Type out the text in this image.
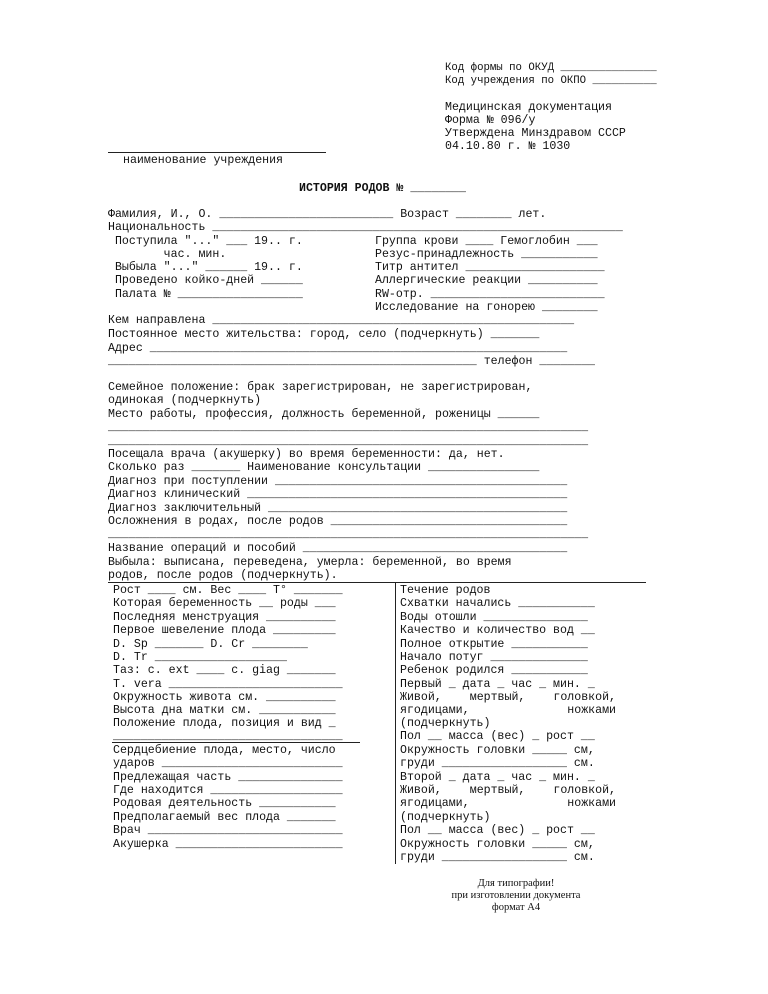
Код формы по ОКУД _______________
Код учреждения по ОКПО __________
Медицинская документация
Форма № 096/у
Утверждена Минздравом СССР
04.10.80 г. № 1030
наименование учреждения
ИСТОРИЯ РОДОВ № ________
Фамилия, И., О. _________________________ Возраст ________ лет.
Национальность ___________________________________________________________
Поступила "..." ___ 19.. г.
час. мин.
Выбыла "..." ______ 19.. г.
Проведено койко-дней ______
Палата № __________________
Группа крови ____ Гемоглобин ___
Резус-принадлежность ___________
Титр антител ____________________
Аллергические реакции __________
RW-отр. _________________________
Исследование на гонорею ________
Кем направлена ____________________________________________________
Постоянное место жительства: город, село (подчеркнуть) _______
Адрес ____________________________________________________________
_____________________________________________________ телефон ________
Семейное положение: брак зарегистрирован, не зарегистрирован,
одинокая (подчеркнуть)
Место работы, профессия, должность беременной, роженицы ______
_____________________________________________________________________
_____________________________________________________________________
Посещала врача (акушерку) во время беременности: да, нет.
Сколько раз _______ Наименование консультации ________________
Диагноз при поступлении __________________________________________
Диагноз клинический ______________________________________________
Диагноз заключительный ___________________________________________
Осложнения в родах, после родов __________________________________
_____________________________________________________________________
Название операций и пособий ______________________________________
Выбыла: выписана, переведена, умерла: беременной, во время
родов, после родов (подчеркнуть).
Рост ____ см. Вес ____ T° _______
Которая беременность __ роды ___
Последняя менструация __________
Первое шевеление плода _________
D. Sp _______ D. Cr ________
D. Tr ___________________
Таз: c. ext ____ c. giag _______
T. vera _________________________
Окружность живота см. __________
Высота дна матки см. ___________
Положение плода, позиция и вид _
_________________________________
Сердцебиение плода, место, число
ударов __________________________
Предлежащая часть _______________
Где находится ___________________
Родовая деятельность ___________
Предполагаемый вес плода _______
Врач ____________________________
Акушерка ________________________
Течение родов
Схватки начались ___________
Воды отошли _______________
Качество и количество вод __
Полное открытие ___________
Начало потуг ______________
Ребенок родился ___________
Первый _ дата _ час _ мин. _
Живой, мертвый, головкой,
ягодицами, ножками
(подчеркнуть)
Пол __ масса (вес) _ рост __
Окружность головки _____ см,
груди __________________ см.
Второй _ дата _ час _ мин. _
Живой, мертвый, головкой,
ягодицами, ножками
(подчеркнуть)
Пол __ масса (вес) _ рост __
Окружность головки _____ см,
груди __________________ см.
Для типографии!
при изготовлении документа
формат А4
